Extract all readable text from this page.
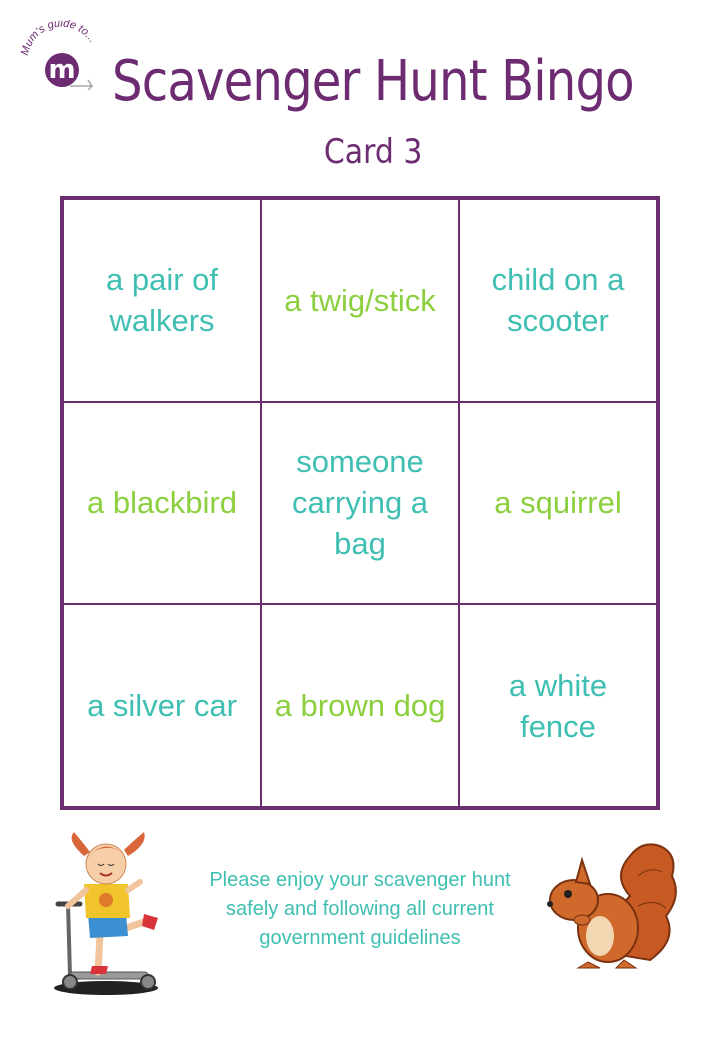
Mum's guide to...
m Scavenger Hunt Bingo
Card 3
a pair of walkers
a twig/stick
child on a scooter
a blackbird
someone carrying a bag
a squirrel
a silver car a brown dog
a white fence
Please enjoy your scavenger hunt safely and following all current government guidelines
